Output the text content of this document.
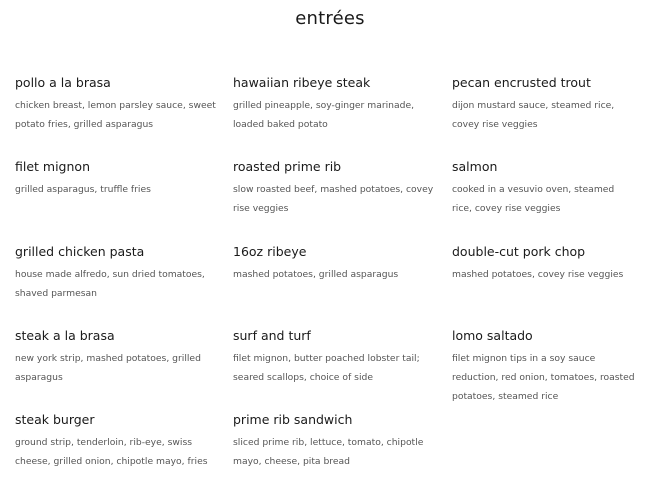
entrées
pollo a la brasa
chicken breast, lemon parsley sauce, sweet potato fries, grilled asparagus
hawaiian ribeye steak
grilled pineapple, soy-ginger marinade, loaded baked potato
pecan encrusted trout
dijon mustard sauce, steamed rice, covey rise veggies
filet mignon
grilled asparagus, truffle fries
roasted prime rib
slow roasted beef, mashed potatoes, covey rise veggies
salmon
cooked in a vesuvio oven, steamed rice, covey rise veggies
grilled chicken pasta
house made alfredo, sun dried tomatoes, shaved parmesan
16oz ribeye
mashed potatoes, grilled asparagus
double-cut pork chop
mashed potatoes, covey rise veggies
steak a la brasa
new york strip, mashed potatoes, grilled asparagus
surf and turf
filet mignon, butter poached lobster tail; seared scallops, choice of side
lomo saltado
filet mignon tips in a soy sauce reduction, red onion, tomatoes, roasted potatoes, steamed rice
steak burger
ground strip, tenderloin, rib-eye, swiss cheese, grilled onion, chipotle mayo, fries
prime rib sandwich
sliced prime rib, lettuce, tomato, chipotle mayo, cheese, pita bread
